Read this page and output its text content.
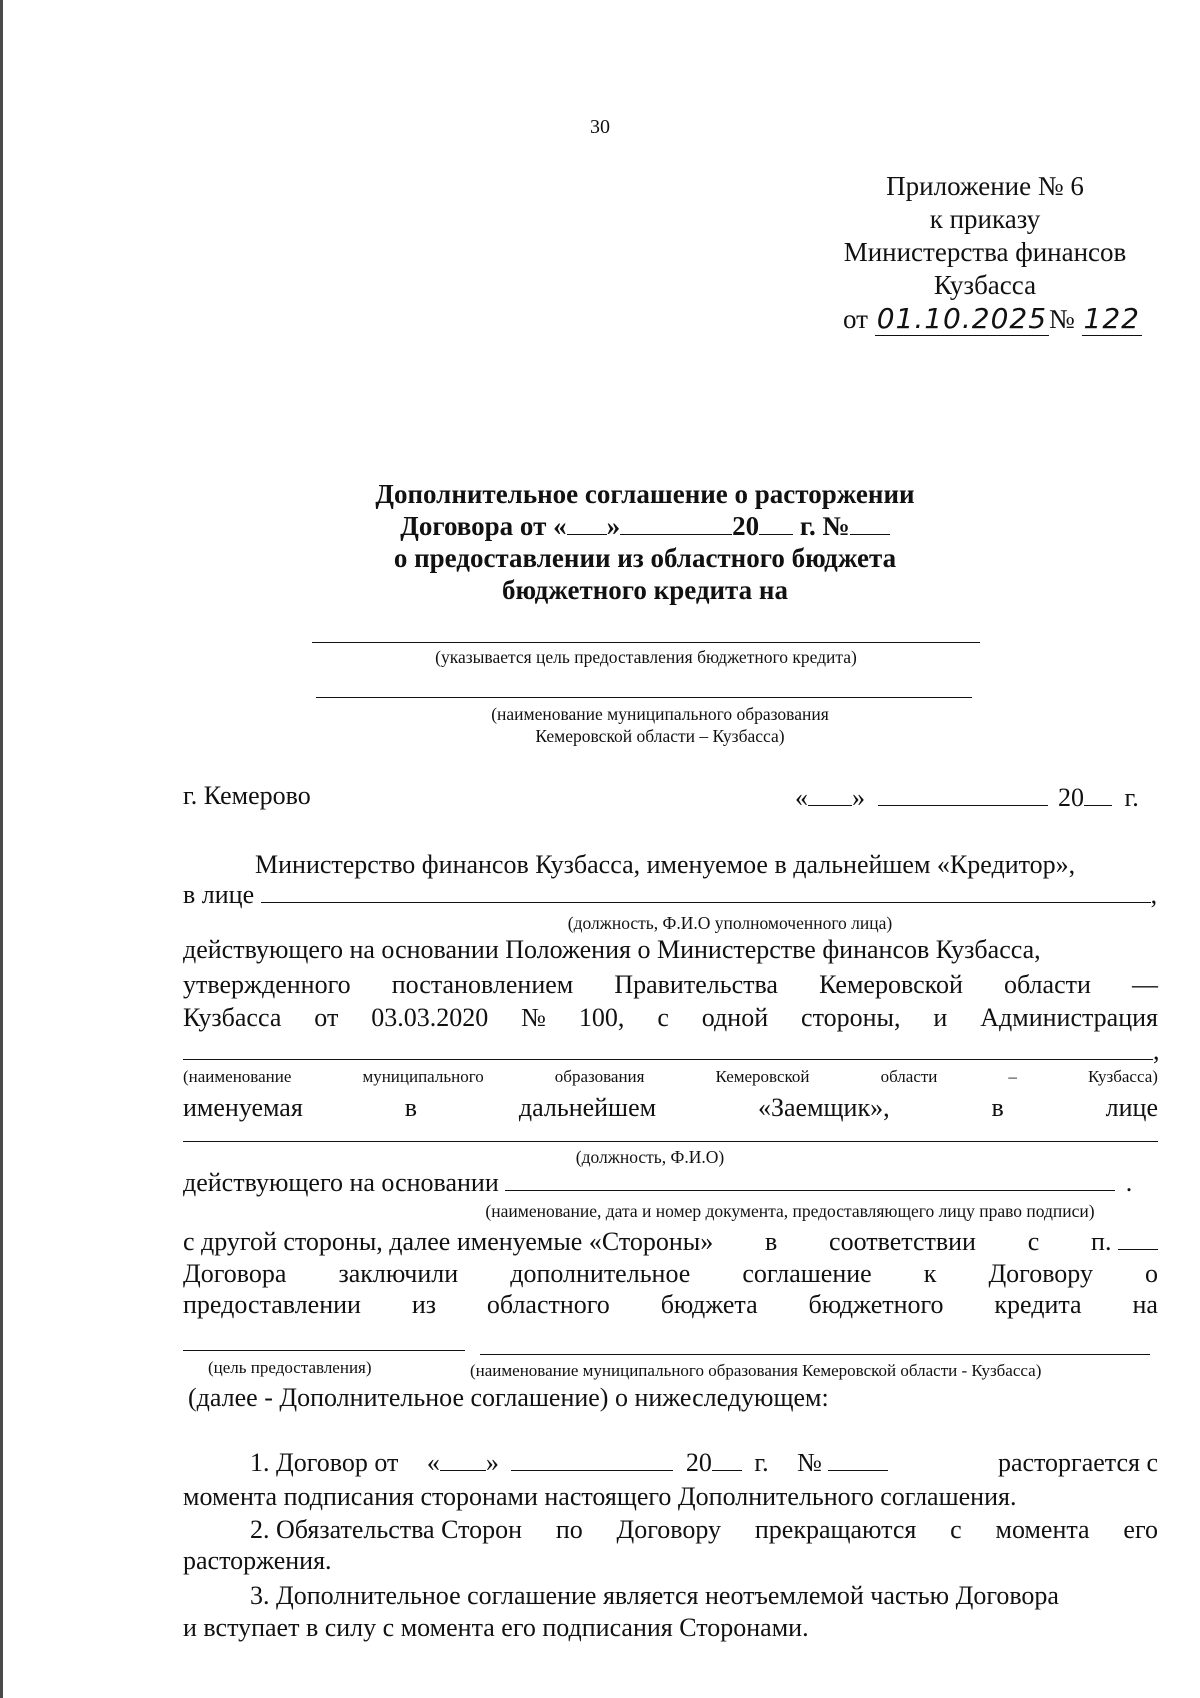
30
Приложение № 6
к приказу
Министерства финансов
Кузбасса
от 01.10.2025№ 122
Дополнительное соглашение о расторжении
Договора от « »	20 г. №
о предоставлении из областного бюджета
бюджетного кредита на
(указывается цель предоставления бюджетного кредита)
(наименование муниципального образования
Кемеровской области – Кузбасса)
г. Кемерово	« »	20 г.
Министерство финансов Кузбасса, именуемое в дальнейшем «Кредитор»,
в лице	,
(должность, Ф.И.О уполномоченного лица)
действующего на основании Положения о Министерстве финансов Кузбасса,
утвержденного постановлением Правительства Кемеровской области —
Кузбасса от 03.03.2020 № 100, с одной стороны, и Администрация
,
(наименование	муниципального	образования	Кемеровской	области	–	Кузбасса)
именуемая	в	дальнейшем	«Заемщик»,	в	лице
(должность, Ф.И.О)
действующего на основании	.
(наименование, дата и номер документа, предоставляющего лицу право подписи)
с другой стороны, далее именуемые «Стороны» в соответствии с п.
Договора заключили дополнительное соглашение к Договору о
предоставлении из областного бюджета бюджетного кредита на
(цель предоставления)	(наименование муниципального образования Кемеровской области - Кузбасса)
(далее - Дополнительное соглашение) о нижеследующем:
1. Договор от « »	20 г. №	расторгается с
момента подписания сторонами настоящего Дополнительного соглашения.
2. Обязательства Сторон по Договору прекращаются с момента его
расторжения.
3. Дополнительное соглашение является неотъемлемой частью Договора
и вступает в силу с момента его подписания Сторонами.
